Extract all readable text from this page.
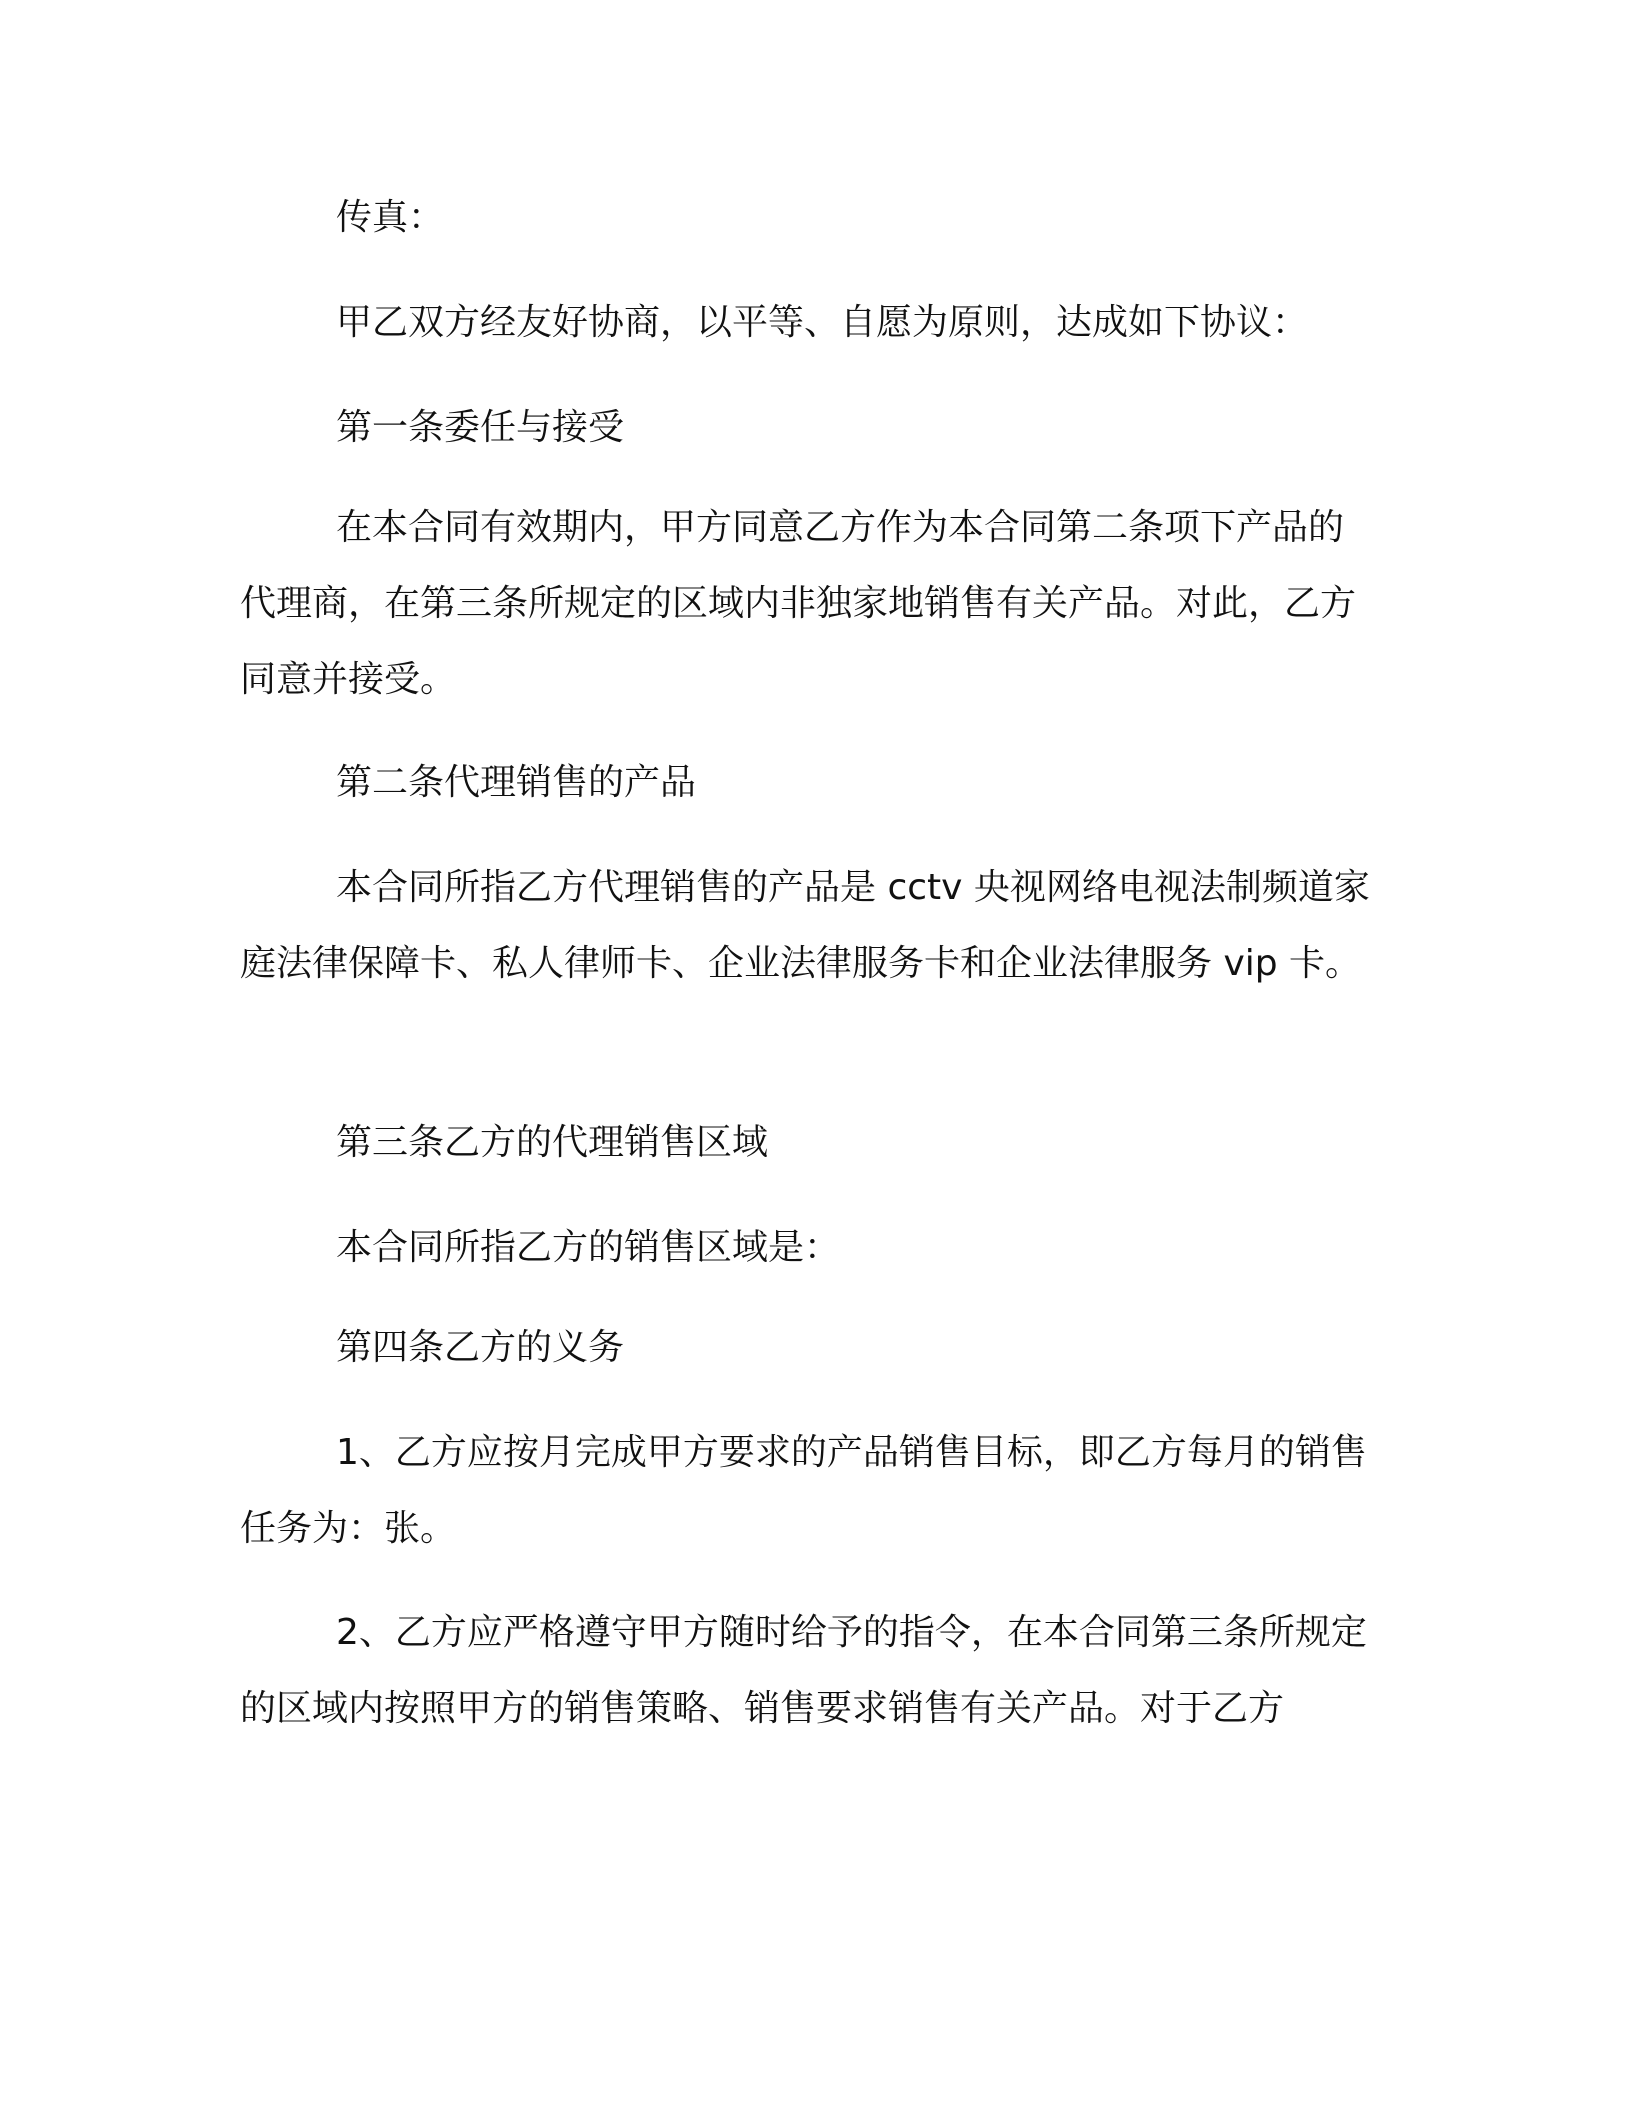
传真：
甲乙双方经友好协商，以平等、自愿为原则，达成如下协议：
第一条委任与接受
在本合同有效期内，甲方同意乙方作为本合同第二条项下产品的代理商，在第三条所规定的区域内非独家地销售有关产品。对此，乙方同意并接受。
第二条代理销售的产品
本合同所指乙方代理销售的产品是 cctv 央视网络电视法制频道家庭法律保障卡、私人律师卡、企业法律服务卡和企业法律服务 vip 卡。
第三条乙方的代理销售区域
本合同所指乙方的销售区域是：
第四条乙方的义务
1、乙方应按月完成甲方要求的产品销售目标，即乙方每月的销售任务为：张。
2、乙方应严格遵守甲方随时给予的指令，在本合同第三条所规定的区域内按照甲方的销售策略、销售要求销售有关产品。对于乙方
